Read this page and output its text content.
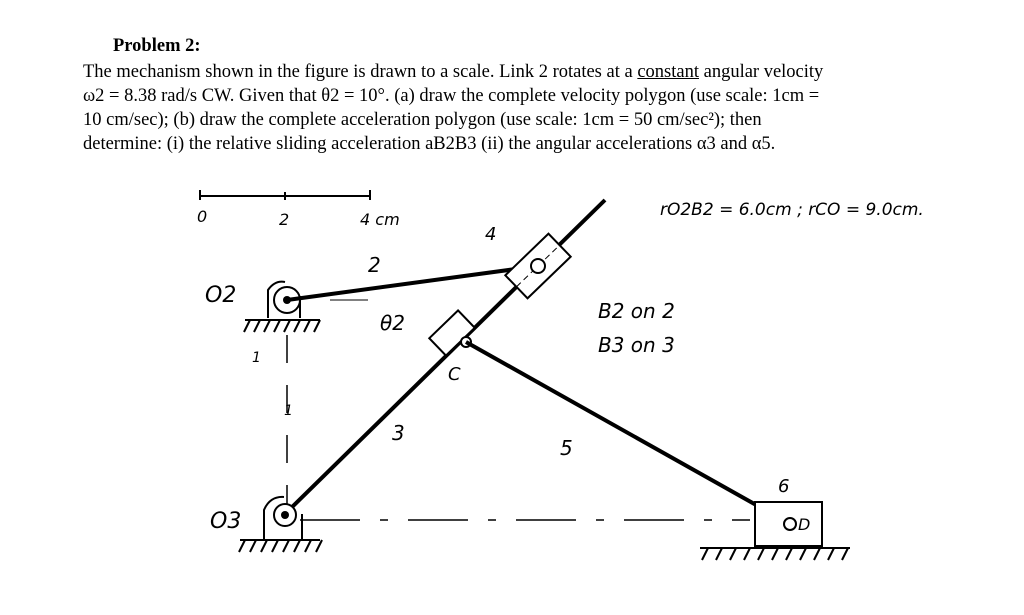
Problem 2:

The mechanism shown in the figure is drawn to a scale. Link 2 rotates at a constant angular velocity

ω2 = 8.38 rad/s CW. Given that θ2 = 10°. (a) draw the complete velocity polygon (use scale: 1cm =

10 cm/sec); (b) draw the complete acceleration polygon (use scale: 1cm = 50 cm/sec²); then

determine: (i) the relative sliding acceleration aB2B3 (ii) the angular accelerations α3 and α5.

0	2	4 cm	rO2B2 = 6.0cm ; rCO = 9.0cm.
O2
1
1
2
θ2
3
4
C
5
O3	D
6
B2 on 2
B3 on 3
